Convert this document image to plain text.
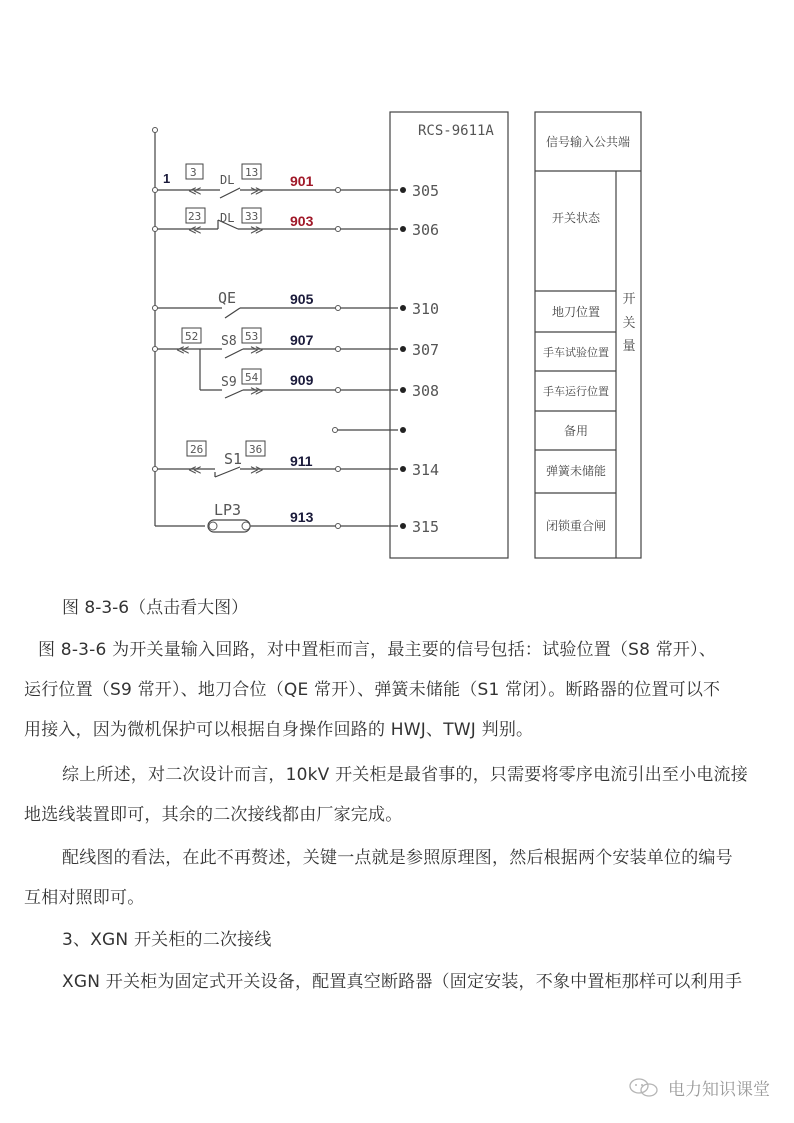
≪	≫
≪	≫
≪	≫
≫
≪	≫
3	13
23	33
52	53
54
26	36
DL
DL
S8
S9
QE
S1
LP3
1	901
903
905
907
909
911
913
305
306
310
307
308
314
315
RCS-9611A
信号输入公共端
开关状态
地刀位置
手车试验位置
手车运行位置
备用
弹簧未储能
闭锁重合闸
开
关
量
图 8-3-6（点击看大图）
图 8-3-6 为开关量输入回路，对中置柜而言，最主要的信号包括：试验位置（S8 常开）、
运行位置（S9 常开）、地刀合位（QE 常开）、弹簧未储能（S1 常闭）。断路器的位置可以不
用接入，因为微机保护可以根据自身操作回路的 HWJ、TWJ 判别。
综上所述，对二次设计而言，10kV 开关柜是最省事的，只需要将零序电流引出至小电流接
地选线装置即可，其余的二次接线都由厂家完成。
配线图的看法，在此不再赘述，关键一点就是参照原理图，然后根据两个安装单位的编号
互相对照即可。
3、XGN 开关柜的二次接线
XGN 开关柜为固定式开关设备，配置真空断路器（固定安装，不象中置柜那样可以利用手
电力知识课堂
